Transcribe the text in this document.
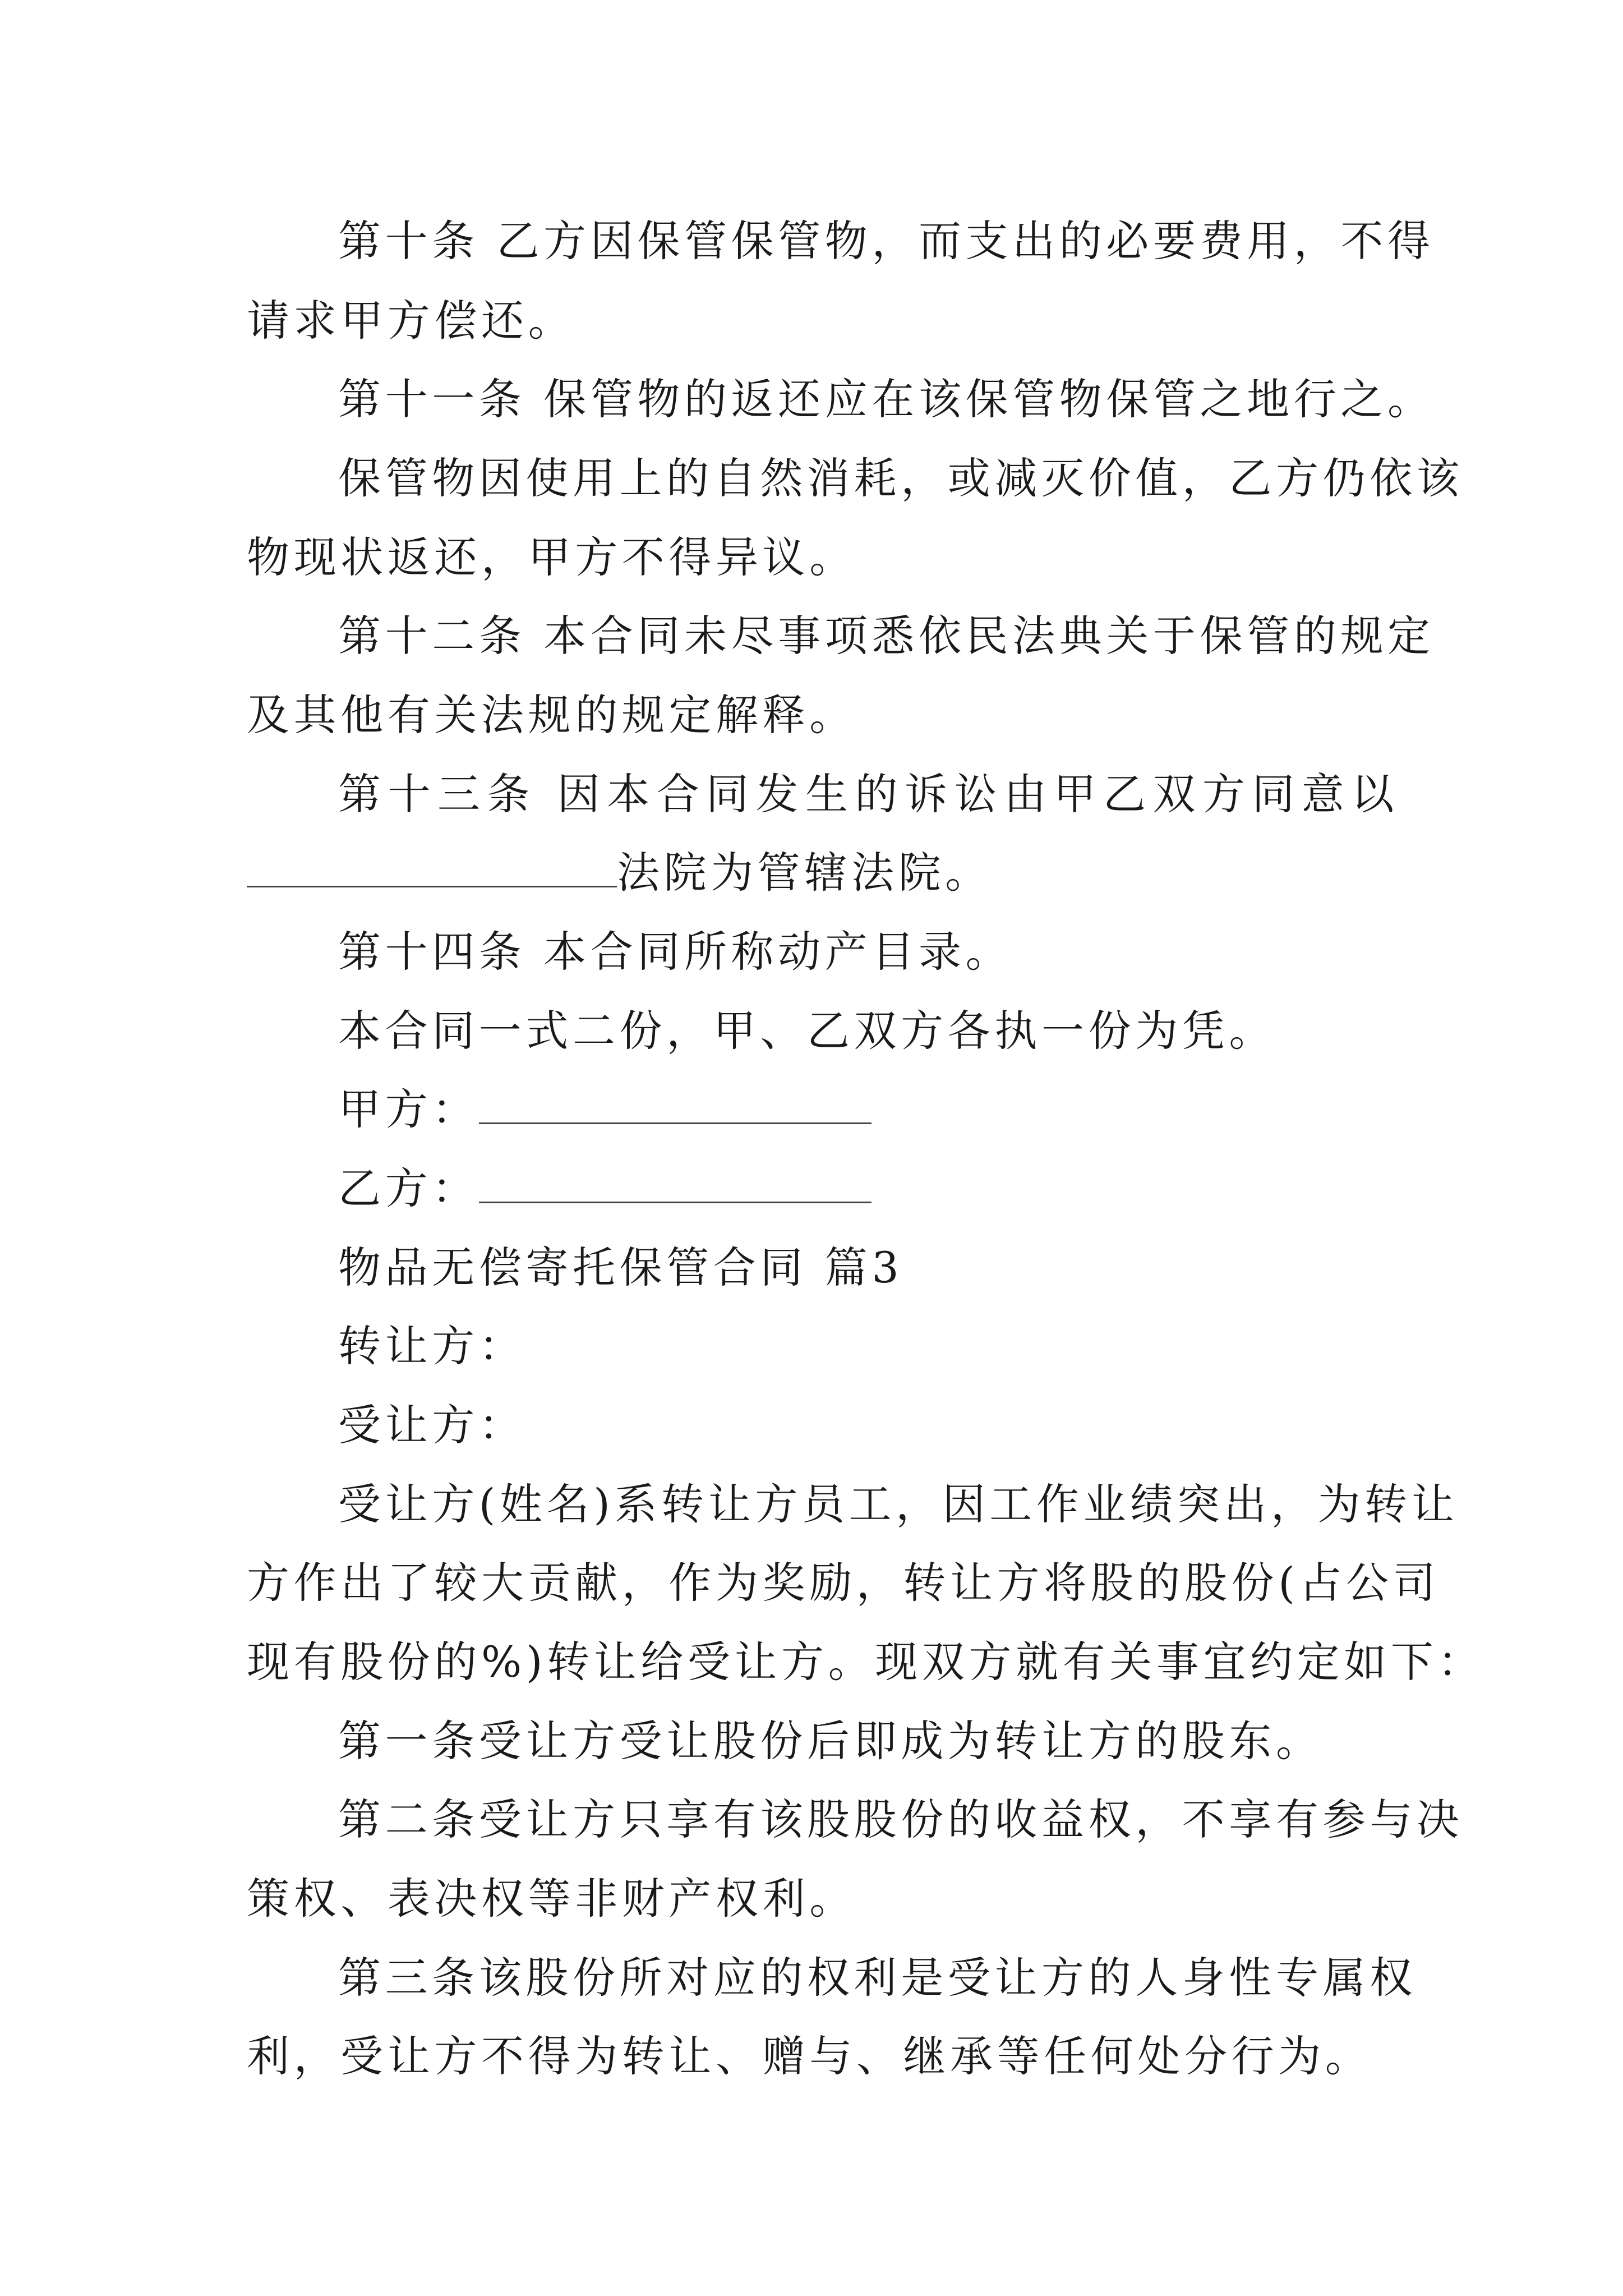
第十条 乙方因保管保管物，而支出的必要费用，不得
请求甲方偿还。
第十一条 保管物的返还应在该保管物保管之地行之。
保管物因使用上的自然消耗，或减灭价值，乙方仍依该
物现状返还，甲方不得异议。
第十二条 本合同未尽事项悉依民法典关于保管的规定
及其他有关法规的规定解释。
第十三条 因本合同发生的诉讼由甲乙双方同意以
法院为管辖法院。
第十四条 本合同所称动产目录。
本合同一式二份，甲、乙双方各执一份为凭。
甲方：
乙方：
物品无偿寄托保管合同 篇3
转让方：
受让方：
受让方(姓名)系转让方员工，因工作业绩突出，为转让
方作出了较大贡献，作为奖励，转让方将股的股份(占公司
现有股份的%)转让给受让方。现双方就有关事宜约定如下：
第一条受让方受让股份后即成为转让方的股东。
第二条受让方只享有该股股份的收益权，不享有参与决
策权、表决权等非财产权利。
第三条该股份所对应的权利是受让方的人身性专属权
利，受让方不得为转让、赠与、继承等任何处分行为。
